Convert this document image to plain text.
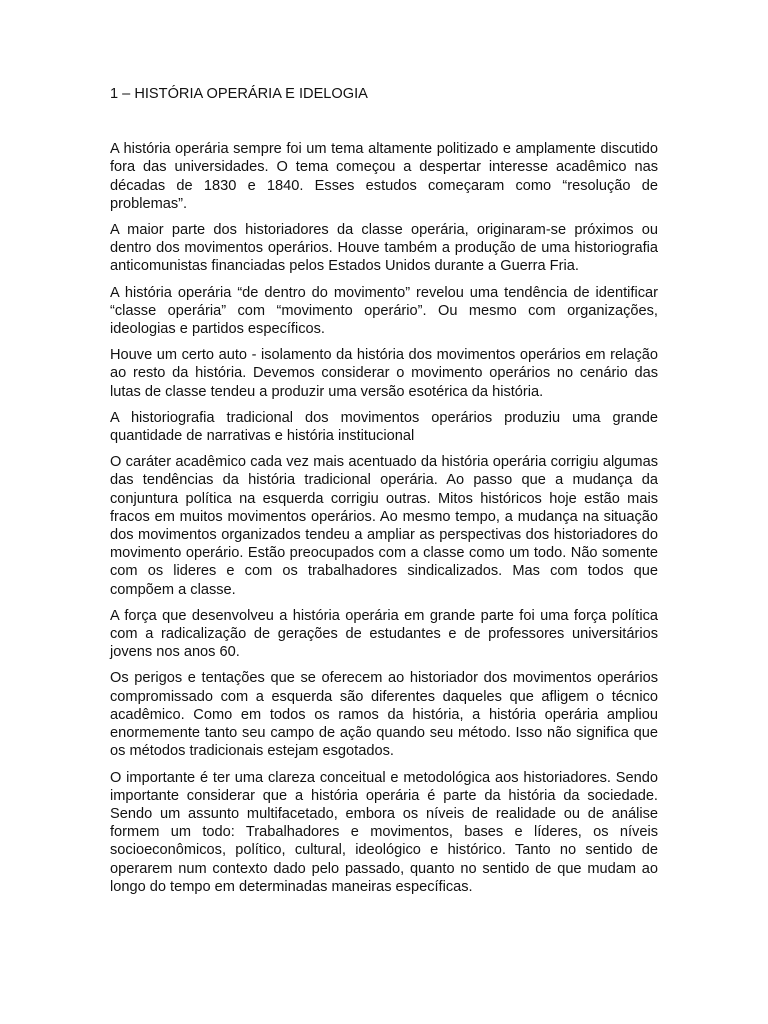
1 – HISTÓRIA OPERÁRIA E IDELOGIA

A história operária sempre foi um tema altamente politizado e amplamente discutido fora das universidades. O tema começou a despertar interesse acadêmico nas décadas de 1830 e 1840. Esses estudos começaram como “resolução de problemas”.

A maior parte dos historiadores da classe operária, originaram-se próximos ou dentro dos movimentos operários. Houve também a produção de uma historiografia anticomunistas financiadas pelos Estados Unidos durante a Guerra Fria.

A história operária “de dentro do movimento” revelou uma tendência de identificar “classe operária” com “movimento operário”. Ou mesmo com organizações, ideologias e partidos específicos.

Houve um certo auto - isolamento da história dos movimentos operários em relação ao resto da história. Devemos considerar o movimento operários no cenário das lutas de classe tendeu a produzir uma versão esotérica da história.

A historiografia tradicional dos movimentos operários produziu uma grande quantidade de narrativas e história institucional

O caráter acadêmico cada vez mais acentuado da história operária corrigiu algumas das tendências da história tradicional operária. Ao passo que a mudança da conjuntura política na esquerda corrigiu outras. Mitos históricos hoje estão mais fracos em muitos movimentos operários. Ao mesmo tempo, a mudança na situação dos movimentos organizados tendeu a ampliar as perspectivas dos historiadores do movimento operário. Estão preocupados com a classe como um todo. Não somente com os lideres e com os trabalhadores sindicalizados. Mas com todos que compõem a classe.

A força que desenvolveu a história operária em grande parte foi uma força política com a radicalização de gerações de estudantes e de professores universitários jovens nos anos 60.

Os perigos e tentações que se oferecem ao historiador dos movimentos operários compromissado com a esquerda são diferentes daqueles que afligem o técnico acadêmico. Como em todos os ramos da história, a história operária ampliou enormemente tanto seu campo de ação quando seu método. Isso não significa que os métodos tradicionais estejam esgotados.

O importante é ter uma clareza conceitual e metodológica aos historiadores. Sendo importante considerar que a história operária é parte da história da sociedade. Sendo um assunto multifacetado, embora os níveis de realidade ou de análise formem um todo: Trabalhadores e movimentos, bases e líderes, os níveis socioeconômicos, político, cultural, ideológico e histórico. Tanto no sentido de operarem num contexto dado pelo passado, quanto no sentido de que mudam ao longo do tempo em determinadas maneiras específicas.
